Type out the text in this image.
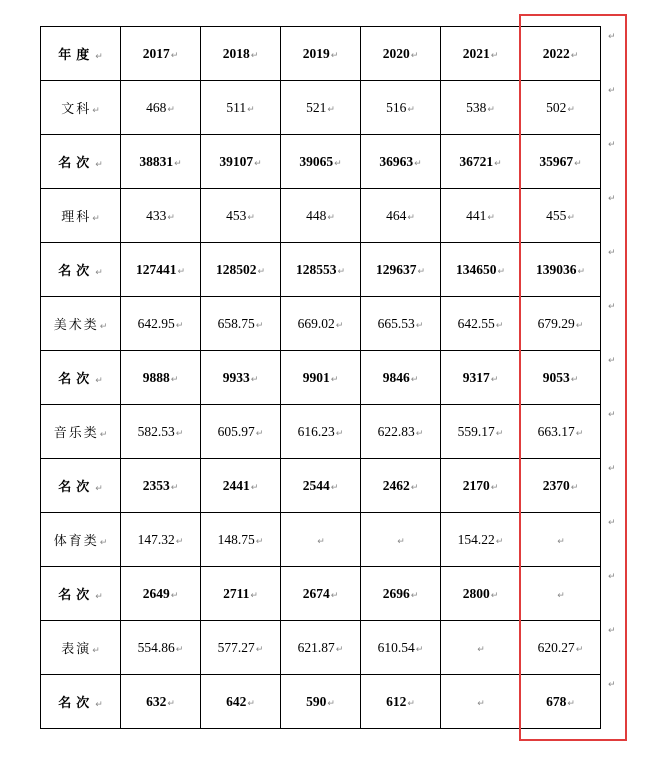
年度↵	2017↵	2018↵	2019↵	2020↵	2021↵	2022↵
文科↵	468↵	511↵	521↵	516↵	538↵	502↵
名次↵	38831↵	39107↵	39065↵	36963↵	36721↵	35967↵
理科↵	433↵	453↵	448↵	464↵	441↵	455↵
名次↵	127441↵	128502↵	128553↵	129637↵	134650↵	139036↵
美术类↵	642.95↵	658.75↵	669.02↵	665.53↵	642.55↵	679.29↵
名次↵	9888↵	9933↵	9901↵	9846↵	9317↵	9053↵
音乐类↵	582.53↵	605.97↵	616.23↵	622.83↵	559.17↵	663.17↵
名次↵	2353↵	2441↵	2544↵	2462↵	2170↵	2370↵
体育类↵	147.32↵	148.75↵	↵	↵	154.22↵	↵
名次↵	2649↵	2711↵	2674↵	2696↵	2800↵	↵
表演↵	554.86↵	577.27↵	621.87↵	610.54↵	↵	620.27↵
名次↵	632↵	642↵	590↵	612↵	↵	678↵
↵
↵
↵
↵
↵
↵
↵
↵
↵
↵
↵
↵
↵
